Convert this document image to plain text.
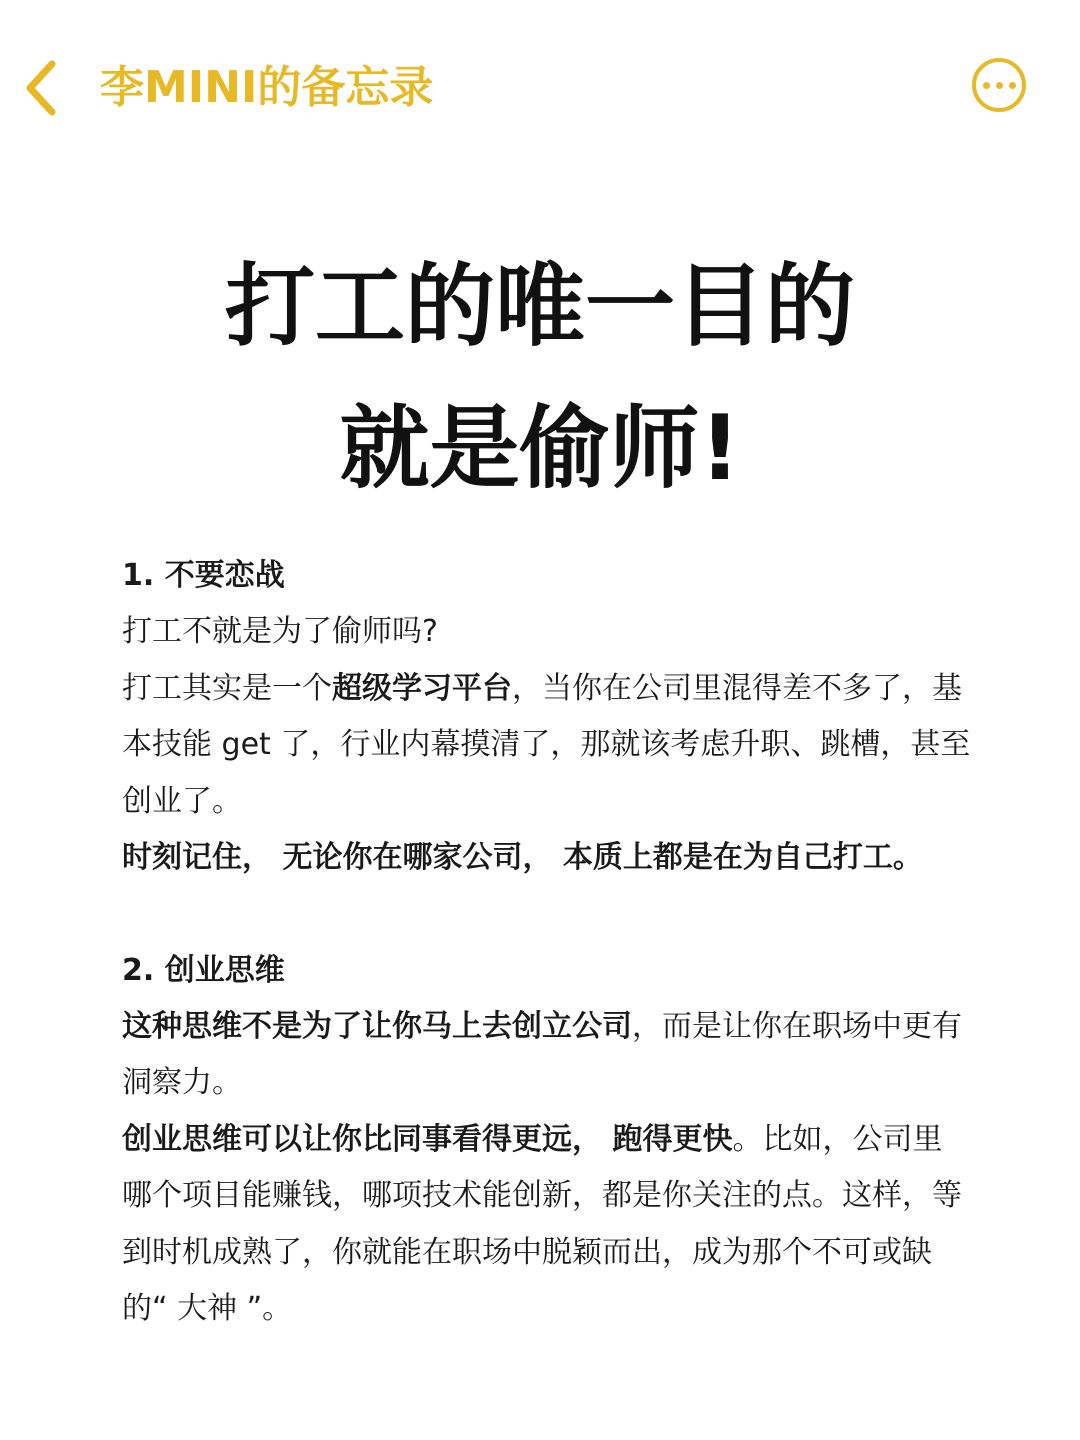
李MINI的备忘录
打工的唯一目的
就是偷师!
1. 不要恋战

打工不就是为了偷师吗?

打工其实是一个超级学习平台，当你在公司里混得差不多了，基本技能 get 了，行业内幕摸清了，那就该考虑升职、跳槽，甚至创业了。

时刻记住， 无论你在哪家公司， 本质上都是在为自己打工。

2. 创业思维

这种思维不是为了让你马上去创立公司，而是让你在职场中更有洞察力。

创业思维可以让你比同事看得更远， 跑得更快。比如，公司里哪个项目能赚钱，哪项技术能创新，都是你关注的点。这样，等到时机成熟了，你就能在职场中脱颖而出，成为那个不可或缺的“ 大神 ”。
